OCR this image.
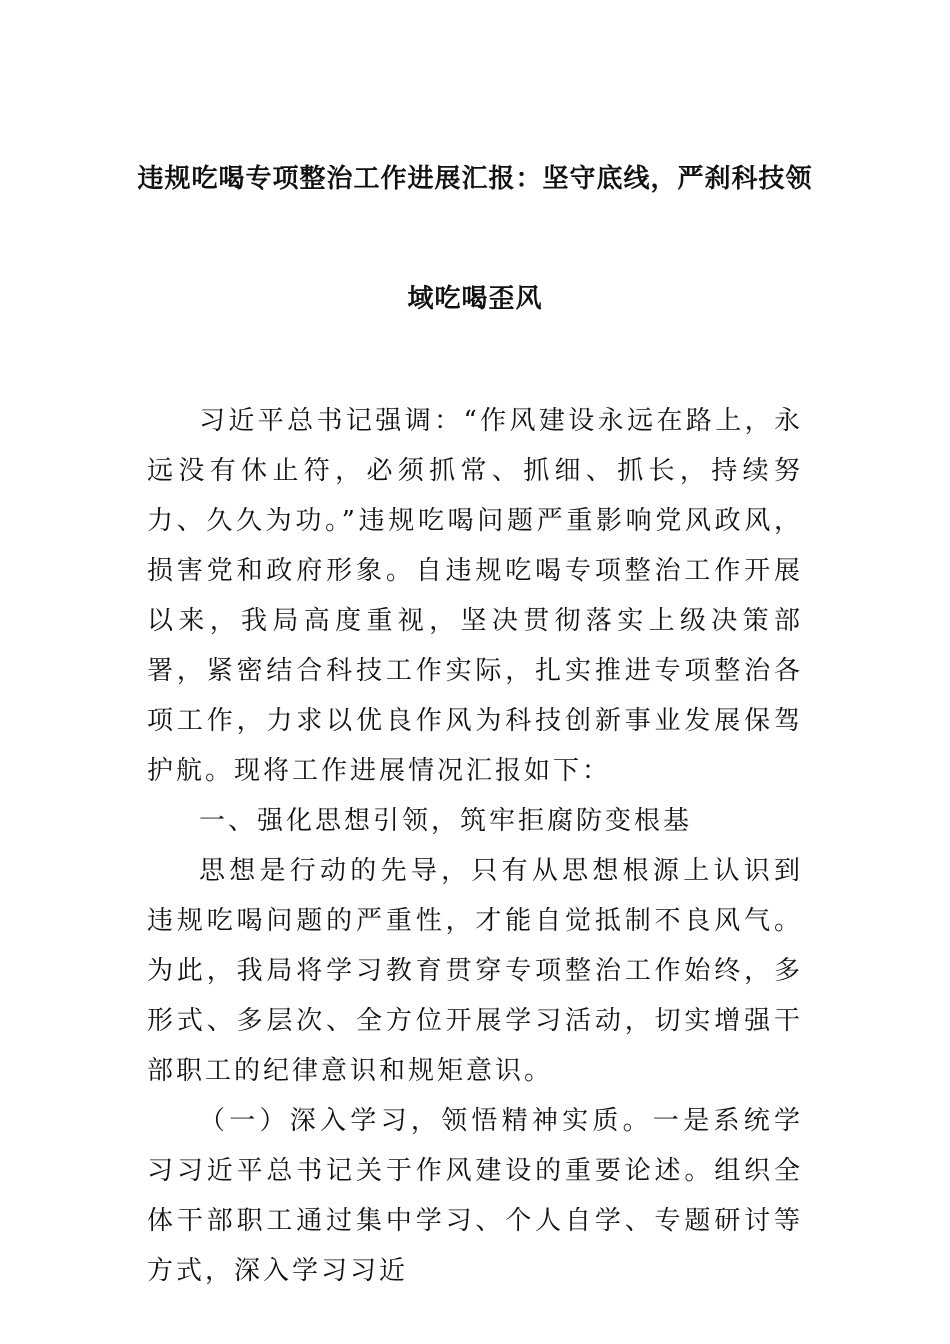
违规吃喝专项整治工作进展汇报：坚守底线，严刹科技领
域吃喝歪风

习近平总书记强调：“作风建设永远在路上，永远没有休止符，必须抓常、抓细、抓长，持续努力、久久为功。”违规吃喝问题严重影响党风政风，损害党和政府形象。自违规吃喝专项整治工作开展以来，我局高度重视，坚决贯彻落实上级决策部署，紧密结合科技工作实际，扎实推进专项整治各项工作，力求以优良作风为科技创新事业发展保驾护航。现将工作进展情况汇报如下：

一、强化思想引领，筑牢拒腐防变根基

思想是行动的先导，只有从思想根源上认识到违规吃喝问题的严重性，才能自觉抵制不良风气。为此，我局将学习教育贯穿专项整治工作始终，多形式、多层次、全方位开展学习活动，切实增强干部职工的纪律意识和规矩意识。

（一）深入学习，领悟精神实质。一是系统学习习近平总书记关于作风建设的重要论述。组织全体干部职工通过集中学习、个人自学、专题研讨等方式，深入学习习近
